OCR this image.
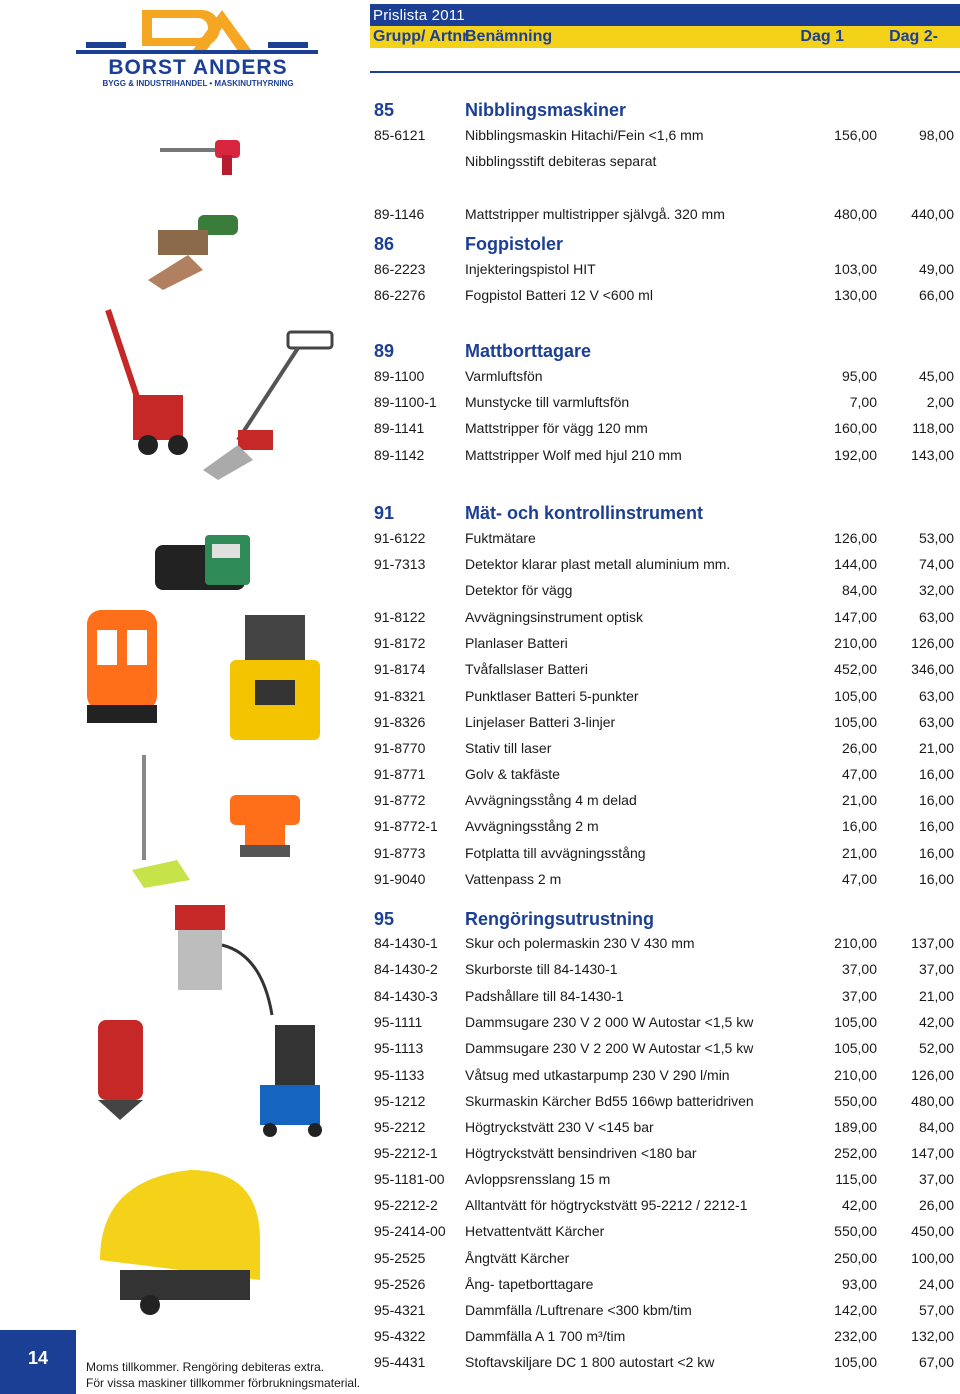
BORST ANDERS
BYGG & INDUSTRIHANDEL • MASKINUTHYRNING
Prislista 2011
Grupp/ Artnr
Benämning	Dag 1	Dag 2-
85	Nibblingsmaskiner
85-6121	Nibblingsmaskin Hitachi/Fein <1,6 mm	156,00	98,00
Nibblingsstift debiteras separat
89-1146	Mattstripper multistripper självgå. 320 mm	480,00 440,00
86	Fogpistoler
86-2223	Injekteringspistol HIT	103,00	49,00
86-2276	Fogpistol Batteri 12 V <600 ml	130,00	66,00
89	Mattborttagare
89-1100	Varmluftsfön	95,00	45,00
89-1100-1 Munstycke till varmluftsfön	7,00	2,00
89-1141	Mattstripper för vägg 120 mm	160,00	118,00
89-1142	Mattstripper Wolf med hjul 210 mm	192,00 143,00
91	Mät- och kontrollinstrument
91-6122	Fuktmätare	126,00	53,00
91-7313	Detektor klarar plast metall aluminium mm.	144,00	74,00
Detektor för vägg	84,00	32,00
91-8122	Avvägningsinstrument optisk	147,00	63,00
91-8172	Planlaser Batteri	210,00 126,00
91-8174	Tvåfallslaser Batteri	452,00 346,00
91-8321	Punktlaser Batteri 5-punkter	105,00	63,00
91-8326	Linjelaser Batteri 3-linjer	105,00	63,00
91-8770	Stativ till laser	26,00	21,00
91-8771	Golv & takfäste	47,00	16,00
91-8772	Avvägningsstång 4 m delad	21,00	16,00
91-8772-1 Avvägningsstång 2 m	16,00	16,00
91-8773	Fotplatta till avvägningsstång	21,00	16,00
91-9040	Vattenpass 2 m	47,00	16,00
95	Rengöringsutrustning
84-1430-1 Skur och polermaskin 230 V 430 mm	210,00 137,00
84-1430-2 Skurborste till 84-1430-1	37,00	37,00
84-1430-3 Padshållare till 84-1430-1	37,00	21,00
95-1111	Dammsugare 230 V 2 000 W Autostar <1,5 kw	105,00	42,00
95-1113	Dammsugare 230 V 2 200 W Autostar <1,5 kw	105,00	52,00
95-1133	Våtsug med utkastarpump 230 V 290 l/min	210,00 126,00
95-1212	Skurmaskin Kärcher Bd55 166wp batteridriven	550,00 480,00
95-2212	Högtryckstvätt 230 V <145 bar	189,00	84,00
95-2212-1 Högtryckstvätt bensindriven <180 bar	252,00 147,00
95-1181-00 Avloppsrensslang 15 m	115,00	37,00
95-2212-2 Alltantvätt för högtryckstvätt 95-2212 / 2212-1	42,00	26,00
95-2414-00 Hetvattentvätt Kärcher	550,00 450,00
95-2525	Ångtvätt Kärcher	250,00 100,00
95-2526	Ång- tapetborttagare	93,00	24,00
95-4321	Dammfälla /Luftrenare <300 kbm/tim	142,00	57,00
95-4322	Dammfälla A 1 700 m³/tim	232,00 132,00
95-4431	Stoftavskiljare DC 1 800 autostart <2 kw	105,00	67,00
14	Moms tillkommer. Rengöring debiteras extra.
För vissa maskiner tillkommer förbrukningsmaterial.
